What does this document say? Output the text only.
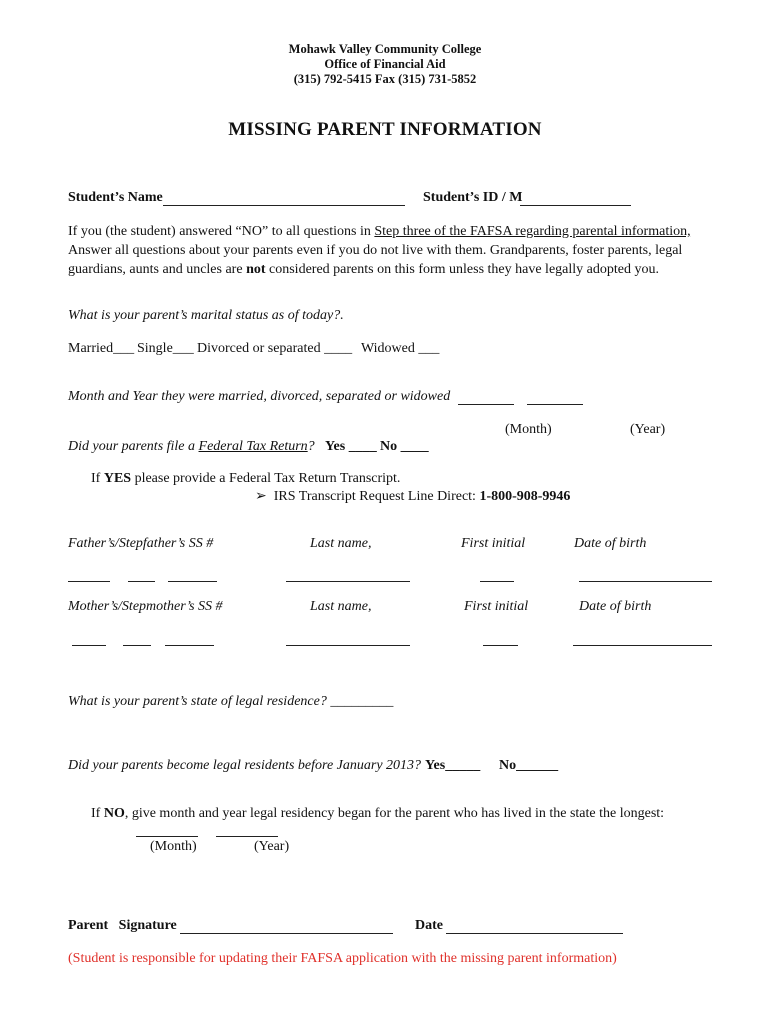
Mohawk Valley Community College
Office of Financial Aid
(315) 792-5415 Fax (315) 731-5852
MISSING PARENT INFORMATION
Student’s Name	Student’s ID / M
If you (the student) answered “NO” to all questions in Step three of the FAFSA regarding parental information, Answer all questions about your parents even if you do not live with them. Grandparents, foster parents, legal guardians, aunts and uncles are not considered parents on this form unless they have legally adopted you.
What is your parent’s marital status as of today?.
Married___ Single___ Divorced or separated ____ Widowed ___
Month and Year they were married, divorced, separated or widowed
(Month)	(Year)
Did your parents file a Federal Tax Return? Yes ____ No ____
If YES please provide a Federal Tax Return Transcript.
➢ IRS Transcript Request Line Direct: 1-800-908-9946
Father’s/Stepfather’s SS #	Last name,	First initial	Date of birth
Mother’s/Stepmother’s SS #	Last name,	First initial	Date of birth
What is your parent’s state of legal residence? _________
Did your parents become legal residents before January 2013? Yes_____ No______
If NO, give month and year legal residency began for the parent who has lived in the state the longest:
(Month)	(Year)
Parent   Signature	Date
(Student is responsible for updating their FAFSA application with the missing parent information)
